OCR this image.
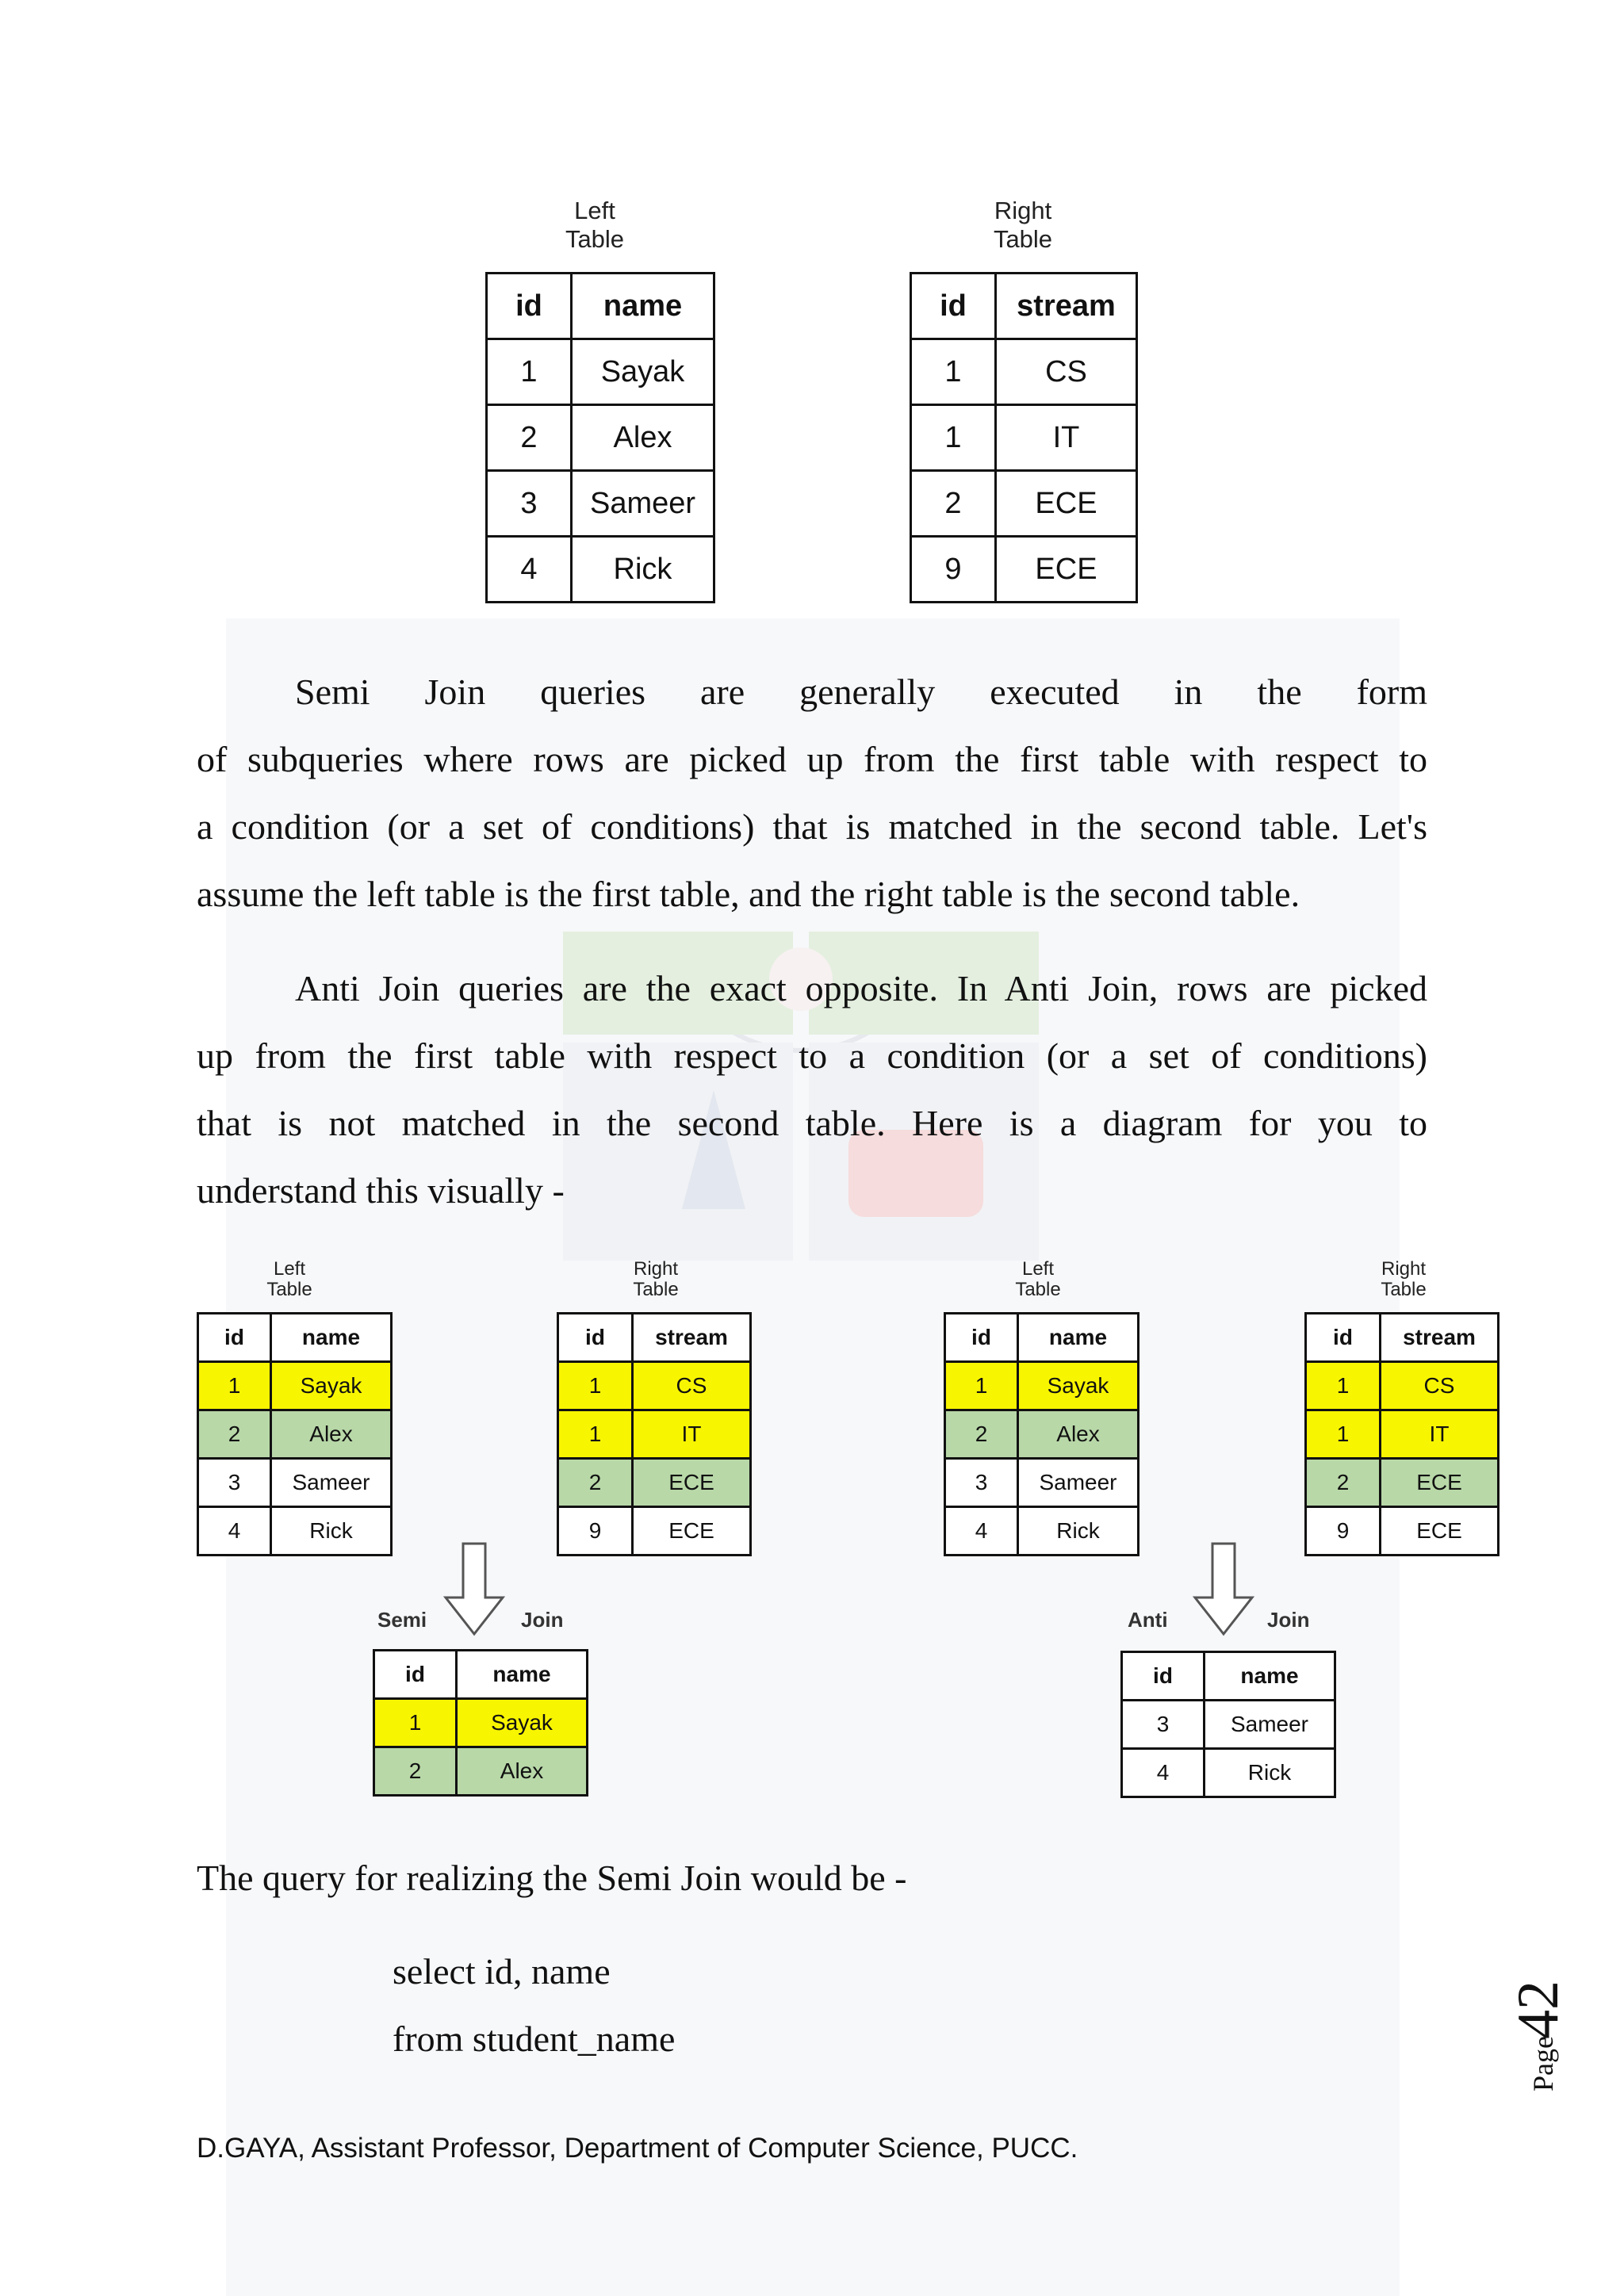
Left
Table
Right
Table
id	name
1	Sayak
2	Alex
3	Sameer
4	Rick
id	stream
1	CS
1	IT
2	ECE
9	ECE
Semi Join queries are generally executed in the form
of subqueries where rows are picked up from the first table with respect to
a condition (or a set of conditions) that is matched in the second table. Let's
assume the left table is the first table, and the right table is the second table.
Anti Join queries are the exact opposite. In Anti Join, rows are picked
up from the first table with respect to a condition (or a set of conditions)
that is not matched in the second table. Here is a diagram for you to
understand this visually -
Left
Table
Right
Table
id	name
1	Sayak
2	Alex
3	Sameer
4	Rick
id	stream
1	CS
1	IT
2	ECE
9	ECE
Semi	Join
id	name
1	Sayak
2	Alex
Left
Table
Right
Table
id	name
1	Sayak
2	Alex
3	Sameer
4	Rick
id	stream
1	CS
1	IT
2	ECE
9	ECE
Anti	Join
id	name
3	Sameer
4	Rick
The query for realizing the Semi Join would be -
select id, name
from student_name	Page
42
D.GAYA, Assistant Professor, Department of Computer Science, PUCC.
